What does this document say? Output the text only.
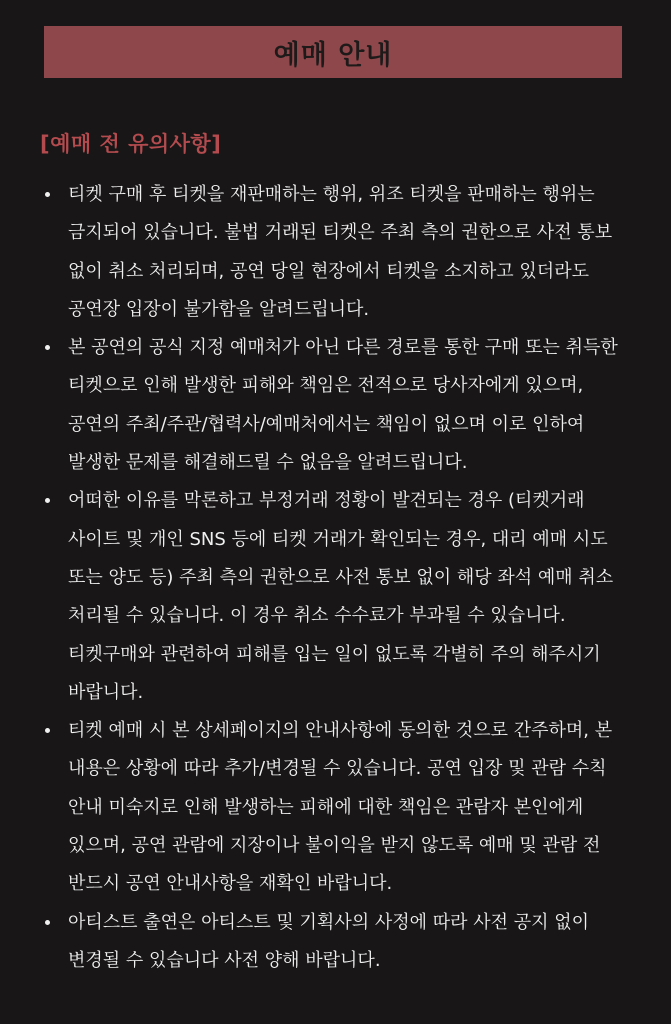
예매 안내
[예매 전 유의사항]
티켓 구매 후 티켓을 재판매하는 행위, 위조 티켓을 판매하는 행위는 금지되어 있습니다. 불법 거래된 티켓은 주최 측의 권한으로 사전 통보 없이 취소 처리되며, 공연 당일 현장에서 티켓을 소지하고 있더라도 공연장 입장이 불가함을 알려드립니다.
본 공연의 공식 지정 예매처가 아닌 다른 경로를 통한 구매 또는 취득한 티켓으로 인해 발생한 피해와 책임은 전적으로 당사자에게 있으며, 공연의 주최/주관/협력사/예매처에서는 책임이 없으며 이로 인하여 발생한 문제를 해결해드릴 수 없음을 알려드립니다.
어떠한 이유를 막론하고 부정거래 정황이 발견되는 경우 (티켓거래 사이트 및 개인 SNS 등에 티켓 거래가 확인되는 경우, 대리 예매 시도 또는 양도 등) 주최 측의 권한으로 사전 통보 없이 해당 좌석 예매 취소 처리될 수 있습니다. 이 경우 취소 수수료가 부과될 수 있습니다. 티켓구매와 관련하여 피해를 입는 일이 없도록 각별히 주의 해주시기 바랍니다.
티켓 예매 시 본 상세페이지의 안내사항에 동의한 것으로 간주하며, 본 내용은 상황에 따라 추가/변경될 수 있습니다. 공연 입장 및 관람 수칙 안내 미숙지로 인해 발생하는 피해에 대한 책임은 관람자 본인에게 있으며, 공연 관람에 지장이나 불이익을 받지 않도록 예매 및 관람 전 반드시 공연 안내사항을 재확인 바랍니다.
아티스트 출연은 아티스트 및 기획사의 사정에 따라 사전 공지 없이 변경될 수 있습니다 사전 양해 바랍니다.
